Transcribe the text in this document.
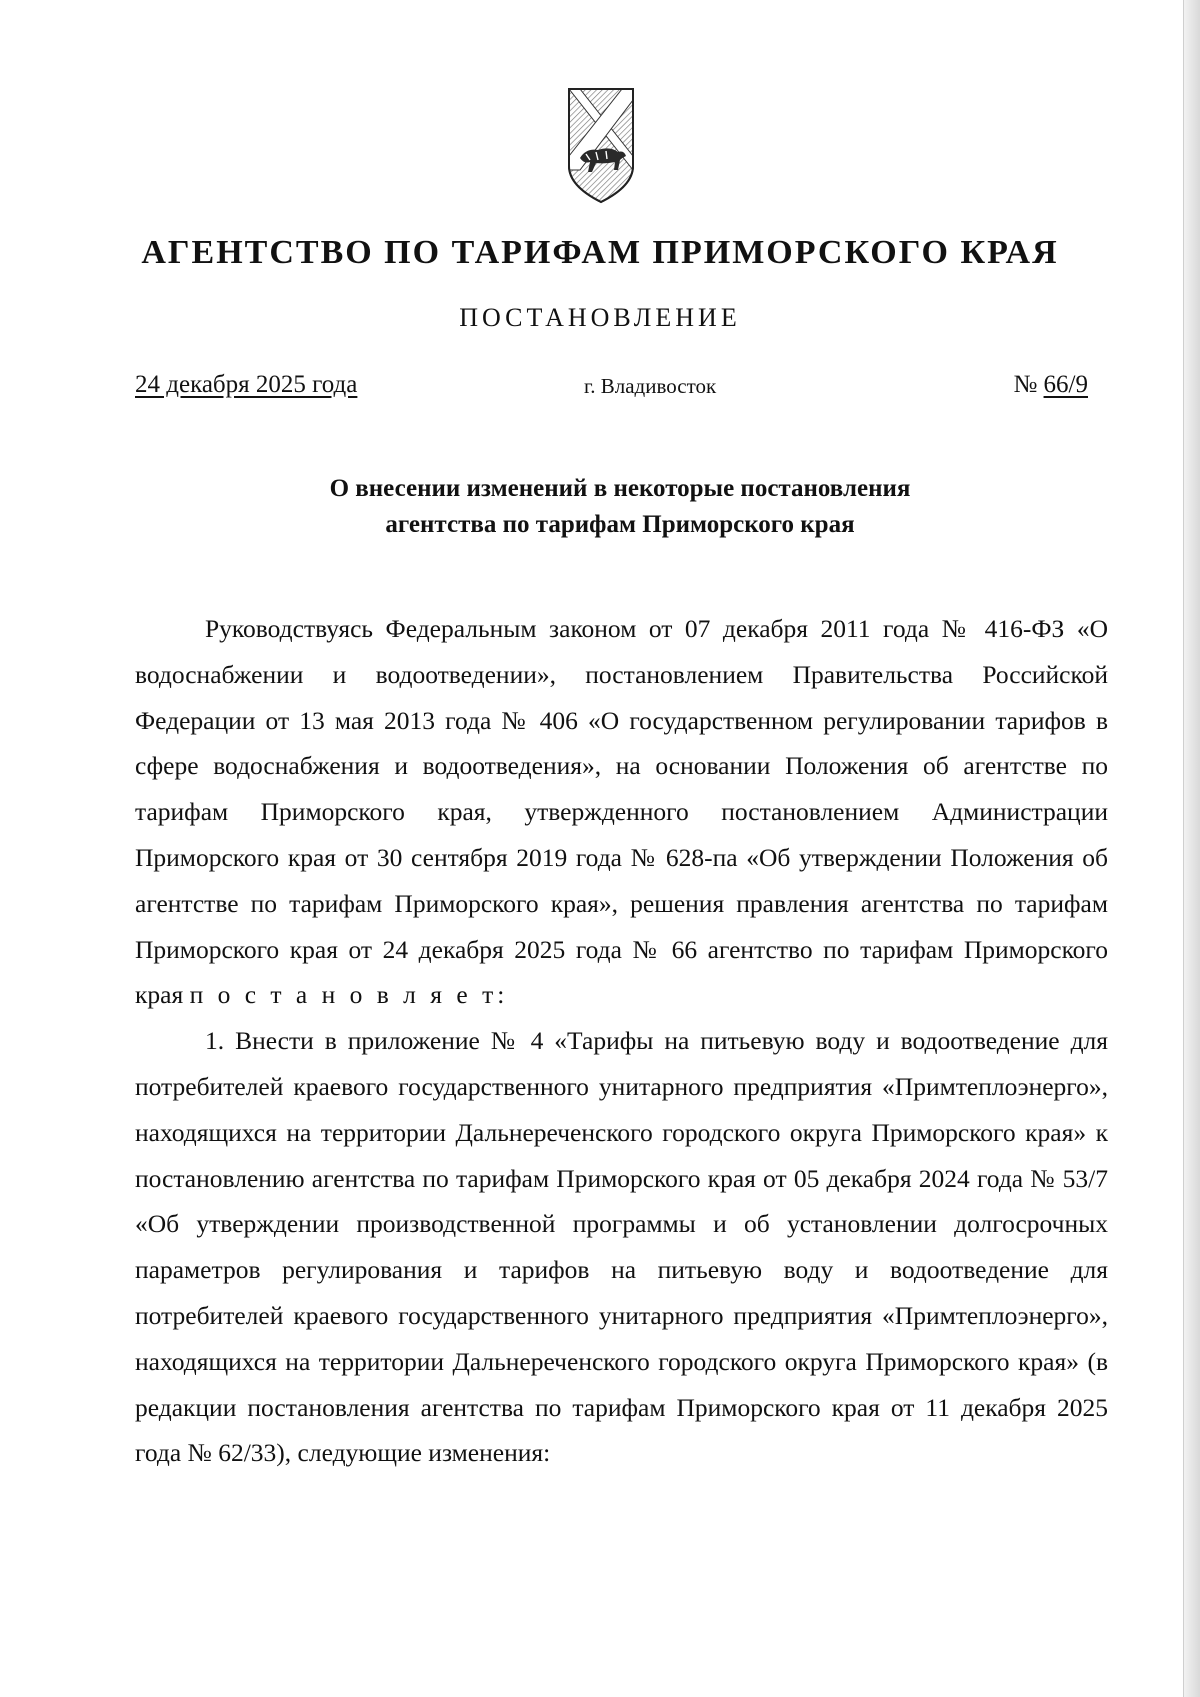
АГЕНТСТВО ПО ТАРИФАМ ПРИМОРСКОГО КРАЯ
ПОСТАНОВЛЕНИЕ
24 декабря 2025 года	г. Владивосток	№ 66/9
О внесении изменений в некоторые постановления
агентства по тарифам Приморского края

Руководствуясь Федеральным законом от 07 декабря 2011 года № 416-ФЗ «О водоснабжении и водоотведении», постановлением Правительства Российской Федерации от 13 мая 2013 года № 406 «О государственном регулировании тарифов в сфере водоснабжения и водоотведения», на основании Положения об агентстве по тарифам Приморского края, утвержденного постановлением Администрации Приморского края от 30 сентября 2019 года № 628-па «Об утверждении Положения об агентстве по тарифам Приморского края», решения правления агентства по тарифам Приморского края от 24 декабря 2025 года № 66 агентство по тарифам Приморского края п о с т а н о в л я е т:

1. Внести в приложение № 4 «Тарифы на питьевую воду и водоотведение для потребителей краевого государственного унитарного предприятия «Примтеплоэнерго», находящихся на территории Дальнереченского городского округа Приморского края» к постановлению агентства по тарифам Приморского края от 05 декабря 2024 года № 53/7 «Об утверждении производственной программы и об установлении долгосрочных параметров регулирования и тарифов на питьевую воду и водоотведение для потребителей краевого государственного унитарного предприятия «Примтеплоэнерго», находящихся на территории Дальнереченского городского округа Приморского края» (в редакции постановления агентства по тарифам Приморского края от 11 декабря 2025 года № 62/33), следующие изменения:
